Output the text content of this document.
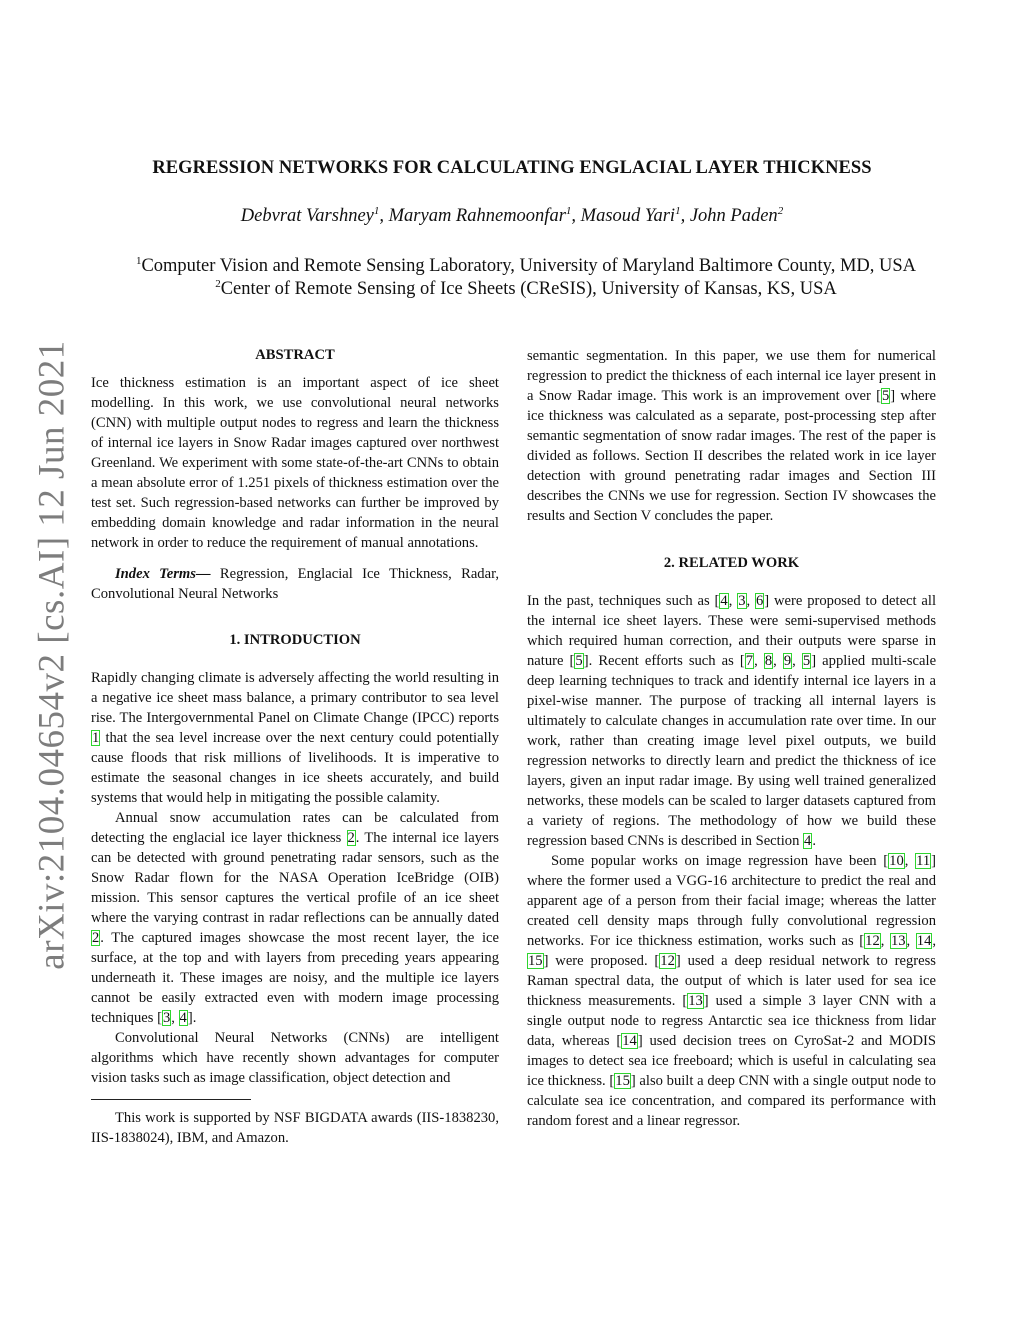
arXiv:2104.04654v2 [cs.AI] 12 Jun 2021
REGRESSION NETWORKS FOR CALCULATING ENGLACIAL LAYER THICKNESS
Debvrat Varshney$^1$, Maryam Rahnemoonfar$^1$, Masoud Yari$^1$, John Paden$^2$
$^1$Computer Vision and Remote Sensing Laboratory, University of Maryland Baltimore County, MD, USA
$^2$Center of Remote Sensing of Ice Sheets (CReSIS), University of Kansas, KS, USA
ABSTRACT

Ice thickness estimation is an important aspect of ice sheet modelling. In this work, we use convolutional neural networks (CNN) with multiple output nodes to regress and learn the thickness of internal ice layers in Snow Radar images captured over northwest Greenland. We experiment with some state-of-the-art CNNs to obtain a mean absolute error of 1.251 pixels of thickness estimation over the test set. Such regression-based networks can further be improved by embedding domain knowledge and radar information in the neural network in order to reduce the requirement of manual annotations.

Index Terms— Regression, Englacial Ice Thickness, Radar, Convolutional Neural Networks

1. INTRODUCTION

Rapidly changing climate is adversely affecting the world resulting in a negative ice sheet mass balance, a primary contributor to sea level rise. The Intergovernmental Panel on Climate Change (IPCC) reports 1 that the sea level increase over the next century could potentially cause floods that risk millions of livelihoods. It is imperative to estimate the seasonal changes in ice sheets accurately, and build systems that would help in mitigating the possible calamity.

Annual snow accumulation rates can be calculated from detecting the englacial ice layer thickness 2. The internal ice layers can be detected with ground penetrating radar sensors, such as the Snow Radar flown for the NASA Operation IceBridge (OIB) mission. This sensor captures the vertical profile of an ice sheet where the varying contrast in radar reflections can be annually dated 2. The captured images showcase the most recent layer, the ice surface, at the top and with layers from preceding years appearing underneath it. These images are noisy, and the multiple ice layers cannot be easily extracted even with modern image processing techniques [3, 4].

Convolutional Neural Networks (CNNs) are intelligent algorithms which have recently shown advantages for computer vision tasks such as image classification, object detection and

This work is supported by NSF BIGDATA awards (IIS-1838230, IIS-1838024), IBM, and Amazon.

semantic segmentation. In this paper, we use them for numerical regression to predict the thickness of each internal ice layer present in a Snow Radar image. This work is an improvement over [5] where ice thickness was calculated as a separate, post-processing step after semantic segmentation of snow radar images. The rest of the paper is divided as follows. Section II describes the related work in ice layer detection with ground penetrating radar images and Section III describes the CNNs we use for regression. Section IV showcases the results and Section V concludes the paper.

2. RELATED WORK

In the past, techniques such as [4, 3, 6] were proposed to detect all the internal ice sheet layers. These were semi-supervised methods which required human correction, and their outputs were sparse in nature [5]. Recent efforts such as [7, 8, 9, 5] applied multi-scale deep learning techniques to track and identify internal ice layers in a pixel-wise manner. The purpose of tracking all internal layers is ultimately to calculate changes in accumulation rate over time. In our work, rather than creating image level pixel outputs, we build regression networks to directly learn and predict the thickness of ice layers, given an input radar image. By using well trained generalized networks, these models can be scaled to larger datasets captured from a variety of regions. The methodology of how we build these regression based CNNs is described in Section 4.

Some popular works on image regression have been [10, 11] where the former used a VGG-16 architecture to predict the real and apparent age of a person from their facial image; whereas the latter created cell density maps through fully convolutional regression networks. For ice thickness estimation, works such as [12, 13, 14, 15] were proposed. [12] used a deep residual network to regress Raman spectral data, the output of which is later used for sea ice thickness measurements. [13] used a simple 3 layer CNN with a single output node to regress Antarctic sea ice thickness from lidar data, whereas [14] used decision trees on CyroSat-2 and MODIS images to detect sea ice freeboard; which is useful in calculating sea ice thickness. [15] also built a deep CNN with a single output node to calculate sea ice concentration, and compared its performance with random forest and a linear regressor.
